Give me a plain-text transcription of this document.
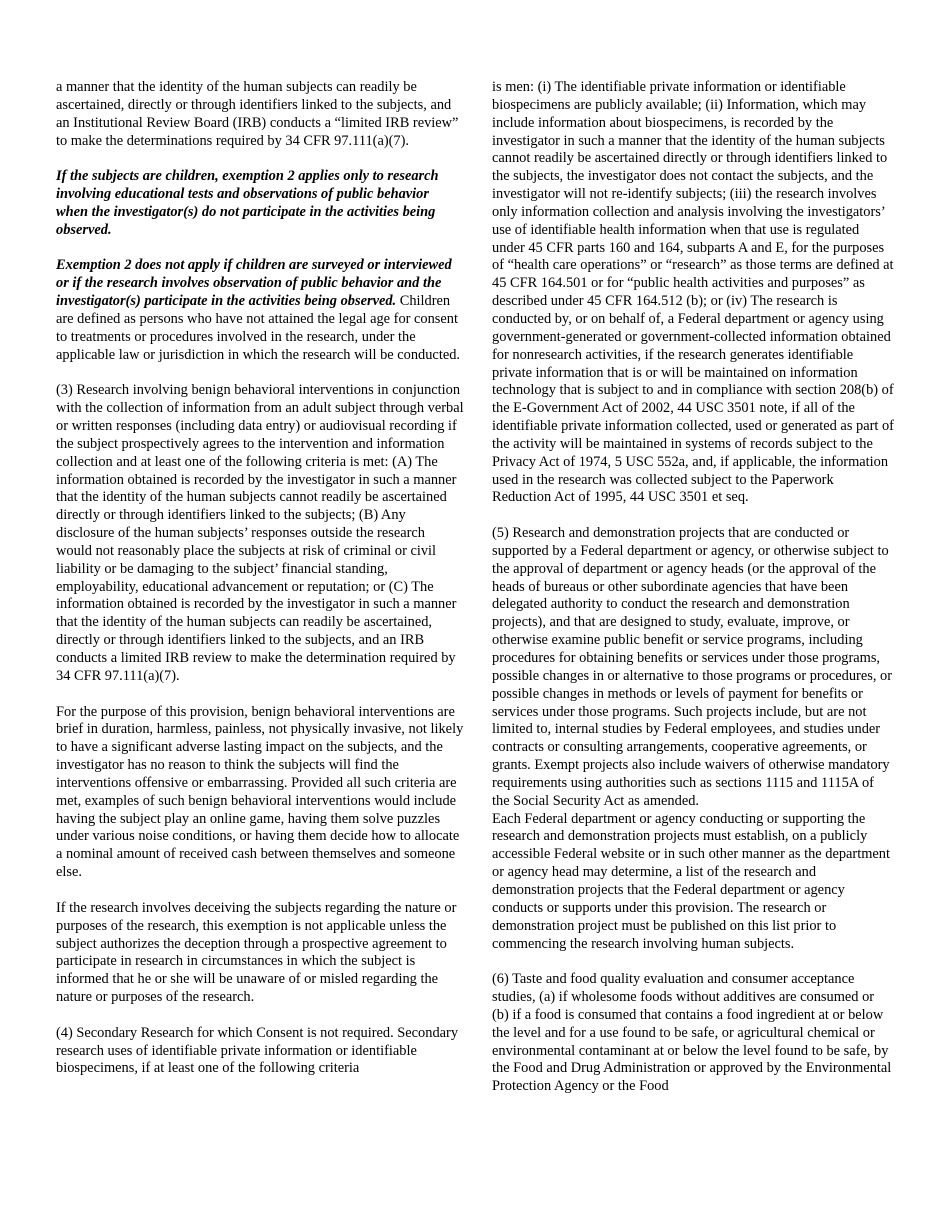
a manner that the identity of the human subjects can readily be ascertained, directly or through identifiers linked to the subjects, and an Institutional Review Board (IRB) conducts a “limited IRB review” to make the determinations required by 34 CFR 97.111(a)(7).

If the subjects are children, exemption 2 applies only to research involving educational tests and observations of public behavior when the investigator(s) do not participate in the activities being observed.

Exemption 2 does not apply if children are surveyed or interviewed or if the research involves observation of public behavior and the investigator(s) participate in the activities being observed. Children are defined as persons who have not attained the legal age for consent to treatments or procedures involved in the research, under the applicable law or jurisdiction in which the research will be conducted.

(3) Research involving benign behavioral interventions in conjunction with the collection of information from an adult subject through verbal or written responses (including data entry) or audiovisual recording if the subject prospectively agrees to the intervention and information collection and at least one of the following criteria is met: (A) The information obtained is recorded by the investigator in such a manner that the identity of the human subjects cannot readily be ascertained directly or through identifiers linked to the subjects; (B) Any disclosure of the human subjects’ responses outside the research would not reasonably place the subjects at risk of criminal or civil liability or be damaging to the subject’ financial standing, employability, educational advancement or reputation; or (C) The information obtained is recorded by the investigator in such a manner that the identity of the human subjects can readily be ascertained, directly or through identifiers linked to the subjects, and an IRB conducts a limited IRB review to make the determination required by 34 CFR 97.111(a)(7).

For the purpose of this provision, benign behavioral interventions are brief in duration, harmless, painless, not physically invasive, not likely to have a significant adverse lasting impact on the subjects, and the investigator has no reason to think the subjects will find the interventions offensive or embarrassing. Provided all such criteria are met, examples of such benign behavioral interventions would include having the subject play an online game, having them solve puzzles under various noise conditions, or having them decide how to allocate a nominal amount of received cash between themselves and someone else.

If the research involves deceiving the subjects regarding the nature or purposes of the research, this exemption is not applicable unless the subject authorizes the deception through a prospective agreement to participate in research in circumstances in which the subject is informed that he or she will be unaware of or misled regarding the nature or purposes of the research.

(4) Secondary Research for which Consent is not required. Secondary research uses of identifiable private information or identifiable biospecimens, if at least one of the following criteria

is men: (i) The identifiable private information or identifiable biospecimens are publicly available; (ii) Information, which may include information about biospecimens, is recorded by the investigator in such a manner that the identity of the human subjects cannot readily be ascertained directly or through identifiers linked to the subjects, the investigator does not contact the subjects, and the investigator will not re-identify subjects; (iii) the research involves only information collection and analysis involving the investigators’ use of identifiable health information when that use is regulated under 45 CFR parts 160 and 164, subparts A and E, for the purposes of “health care operations” or “research” as those terms are defined at 45 CFR 164.501 or for “public health activities and purposes” as described under 45 CFR 164.512 (b); or (iv) The research is conducted by, or on behalf of, a Federal department or agency using government-generated or government-collected information obtained for nonresearch activities, if the research generates identifiable private information that is or will be maintained on information technology that is subject to and in compliance with section 208(b) of the E-Government Act of 2002, 44 USC 3501 note, if all of the identifiable private information collected, used or generated as part of the activity will be maintained in systems of records subject to the Privacy Act of 1974, 5 USC 552a, and, if applicable, the information used in the research was collected subject to the Paperwork Reduction Act of 1995, 44 USC 3501 et seq.

(5) Research and demonstration projects that are conducted or supported by a Federal department or agency, or otherwise subject to the approval of department or agency heads (or the approval of the heads of bureaus or other subordinate agencies that have been delegated authority to conduct the research and demonstration projects), and that are designed to study, evaluate, improve, or otherwise examine public benefit or service programs, including procedures for obtaining benefits or services under those programs, possible changes in or alternative to those programs or procedures, or possible changes in methods or levels of payment for benefits or services under those programs. Such projects include, but are not limited to, internal studies by Federal employees, and studies under contracts or consulting arrangements, cooperative agreements, or grants. Exempt projects also include waivers of otherwise mandatory requirements using authorities such as sections 1115 and 1115A of the Social Security Act as amended.

Each Federal department or agency conducting or supporting the research and demonstration projects must establish, on a publicly accessible Federal website or in such other manner as the department or agency head may determine, a list of the research and demonstration projects that the Federal department or agency conducts or supports under this provision. The research or demonstration project must be published on this list prior to commencing the research involving human subjects.

(6) Taste and food quality evaluation and consumer acceptance studies, (a) if wholesome foods without additives are consumed or (b) if a food is consumed that contains a food ingredient at or below the level and for a use found to be safe, or agricultural chemical or environmental contaminant at or below the level found to be safe, by the Food and Drug Administration or approved by the Environmental Protection Agency or the Food
